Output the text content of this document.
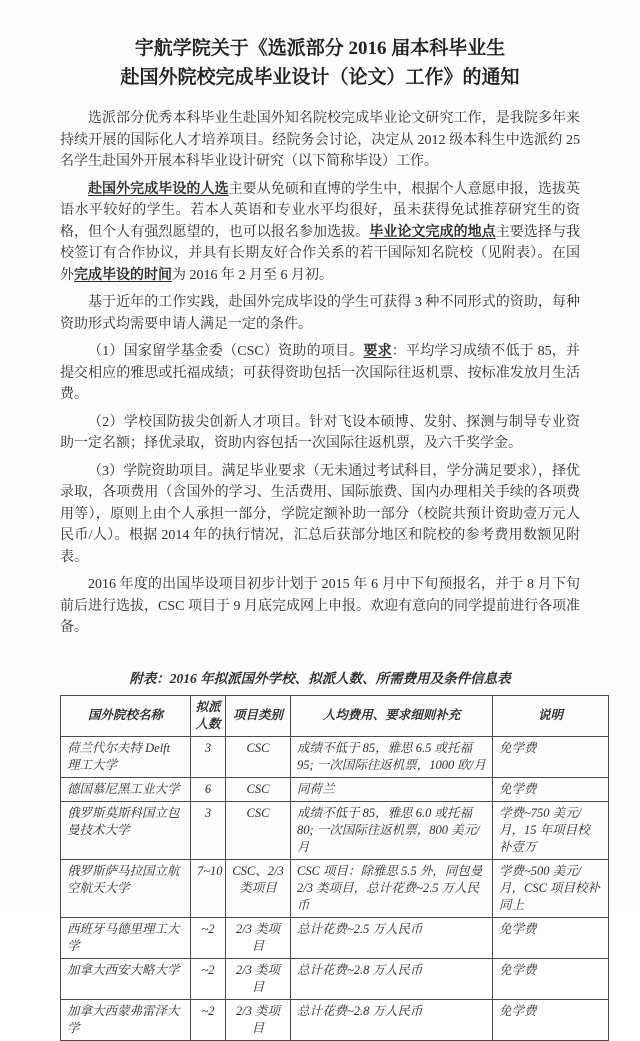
宇航学院关于《选派部分 2016 届本科毕业生
赴国外院校完成毕业设计（论文）工作》的通知

选派部分优秀本科毕业生赴国外知名院校完成毕业论文研究工作，是我院多年来持续开展的国际化人才培养项目。经院务会讨论，决定从 2012 级本科生中选派约 25 名学生赴国外开展本科毕业设计研究（以下简称毕设）工作。

赴国外完成毕设的人选主要从免硕和直博的学生中，根据个人意愿申报，选拔英语水平较好的学生。若本人英语和专业水平均很好，虽未获得免试推荐研究生的资格，但个人有强烈愿望的，也可以报名参加选拔。毕业论文完成的地点主要选择与我校签订有合作协议，并具有长期友好合作关系的若干国际知名院校（见附表）。在国外完成毕设的时间为 2016 年 2 月至 6 月初。

基于近年的工作实践，赴国外完成毕设的学生可获得 3 种不同形式的资助，每种资助形式均需要申请人满足一定的条件。

（1）国家留学基金委（CSC）资助的项目。要求：平均学习成绩不低于 85，并提交相应的雅思或托福成绩；可获得资助包括一次国际往返机票、按标准发放月生活费。

（2）学校国防拔尖创新人才项目。针对飞设本硕博、发射、探测与制导专业资助一定名额；择优录取，资助内容包括一次国际往返机票，及六千奖学金。

（3）学院资助项目。满足毕业要求（无未通过考试科目，学分满足要求），择优录取，各项费用（含国外的学习、生活费用、国际旅费、国内办理相关手续的各项费用等），原则上由个人承担一部分，学院定额补助一部分（校院共预计资助壹万元人民币/人）。根据 2014 年的执行情况，汇总后获部分地区和院校的参考费用数额见附表。

2016 年度的出国毕设项目初步计划于 2015 年 6 月中下旬预报名，并于 8 月下旬前后进行选拔，CSC 项目于 9 月底完成网上申报。欢迎有意向的同学提前进行各项准备。

附表：2016 年拟派国外学校、拟派人数、所需费用及条件信息表

国外院校名称	拟派人数	项目类别	人均费用、要求细则补充	说明
荷兰代尔夫特 Delft 理工大学	3	CSC	成绩不低于 85，雅思 6.5 或托福 95; 一次国际往返机票，1000 欧/月	免学费
德国慕尼黑工业大学	6	CSC	同荷兰	免学费
俄罗斯莫斯科国立包曼技术大学	3	CSC	成绩不低于 85，雅思 6.0 或托福 80; 一次国际往返机票，800 美元/月	学费~750 美元/月，15 年项目校补壹万
俄罗斯萨马拉国立航空航天大学	7~10	CSC、2/3 类项目	CSC 项目：除雅思 5.5 外，同包曼 2/3 类项目，总计花费~2.5 万人民币	学费~500 美元/月，CSC 项目校补同上
西班牙马德里理工大学	~2	2/3 类项目	总计花费~2.5 万人民币	免学费
加拿大西安大略大学	~2	2/3 类项目	总计花费~2.8 万人民币	免学费
加拿大西蒙弗雷泽大学	~2	2/3 类项目	总计花费~2.8 万人民币	免学费
